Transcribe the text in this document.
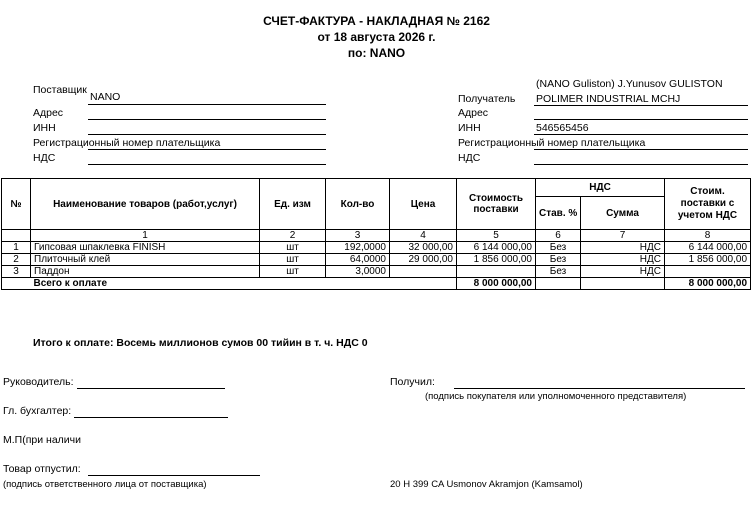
СЧЕТ-ФАКТУРА - НАКЛАДНАЯ № 2162
от 18 августа 2026 г.
по: NANO
Поставщик
NANO
Адрес
ИНН
Регистрационный номер плательщика
НДС
(NANO Guliston) J.Yunusov GULISTON
Получатель POLIMER INDUSTRIAL MCHJ
Адрес
ИНН	546565456
Регистрационный номер плательщика
НДС
№	Наименование товаров (работ,услуг)	Ед. изм	Кол-во	Цена	Стоимость поставки	НДС		Стоим. поставки с учетом НДС
						Став. %	Сумма	
	1	2	3	4	5	6	7	8
1	Гипсовая шпаклевка FINISH	шт	192,0000	32 000,00	6 144 000,00	Без	НДС	6 144 000,00
2	Плиточный клей	шт	64,0000	29 000,00	1 856 000,00	Без	НДС	1 856 000,00
3	Паддон	шт	3,0000			Без	НДС	
	Всего к оплате				8 000 000,00			8 000 000,00
Итого к оплате: Восемь миллионов сумов 00 тийин в т. ч. НДС 0
Руководитель:	Получил:
(подпись покупателя или уполномоченного представителя)
Гл. бухгалтер:
М.П(при наличи
Товар отпустил:
(подпись ответственного лица от поставщика)	20 H 399 CA Usmonov Akramjon (Kamsamol)
